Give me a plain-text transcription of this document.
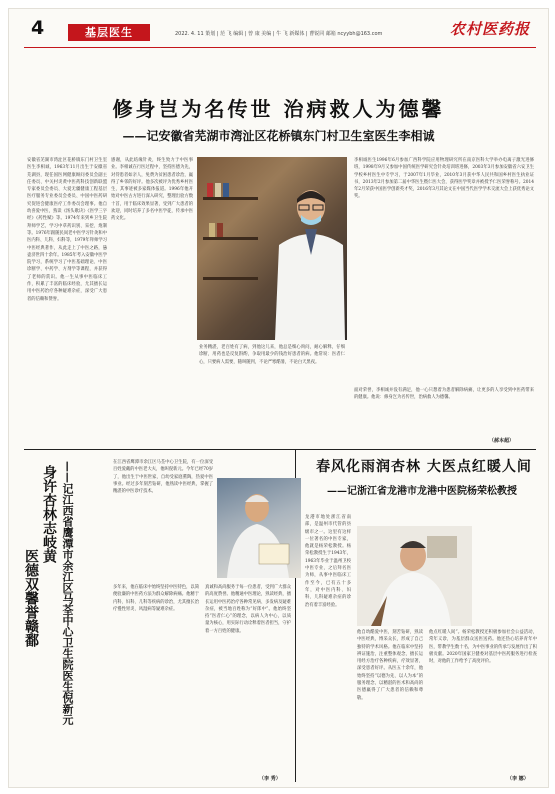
4	基层医生	2022. 4. 11 策划 | 范 飞 编辑 | 曾 康 美编 | 牛 飞 新媒体 | 曹锐同 邮箱 ncyybh@163.com	农村医药报
修身岂为名传世 治病救人为德馨
——记安徽省芜湖市湾沚区花桥镇东门村卫生室医生李相诚
安徽省芜湖市湾沚区花桥镇东门村卫生室医生李相诚，1963年11月出生于安徽省芜湖县，现任国医网健康顾问委员会副主任委员、中关村炎黄中医药科技创新联盟专家委员会委员、大爱无疆健康工程基层医疗服务专业委员会委员、中国中医药研究促进会健康医疗工作委员会理事。他自幼喜爱中医，熟读《汤头歌诀》《医学三字经》《药性赋》等。1974年来到乡卫生院拜师学艺，学习中草药识别、采挖、炮制等。1976年跟随民间老中医学习针灸和中医内科、儿科、妇科等，1979年拜师学习中医经典著作，从此走上了中医之路，悬壶济世四十余年。1985年考入安徽中医学院学习，系统学习了中医基础理论、中医诊断学、中药学、方剂学等课程，并获得了老师的赏识。他一生从事中医临床工作，积累了丰富的临床经验，尤其擅长运用中医药治疗各种疑难杂症，深受广大患者的信赖和赞誉。
感谢，从此结缘针灸，终生致力于中医事业。李相诚在行医过程中，坚持医德为先，对待患者如亲人，免费为贫困患者诊治，赢得了乡邻的好评。他多次被评为优秀乡村医生，其事迹被多家媒体报道。1996年他开始对中医古方进行深入研究，整理出验方数十首，用于临床效果显著，受到广大患者的欢迎，同时培养了多名中医学徒，传承中医药文化。
业务精湛，老百姓有了病，到他这儿来，他总是细心询问，耐心解释，仔细诊断，用药也是反复斟酌，争取用最少的钱治好患者的病。他常说：医者仁心，只要病人需要，随叫随到，不论严寒酷暑，不论白天黑夜。
李相诚医生1996年6月参加广西科学院应用物理研究所在南京医科大学举办电离子激光进修班，1998年9月又参加中国传统医学研究会针灸培训班进修，2003年3月参加安徽省六安卫生学校乡村医生中专学习，于2007年1月毕业，2010年3月获中华人民共和国乡村医生执业证书，2013年2月参加第二届中华医生暨仁医大会，获得医学奖章并被授予仁医荣誉称号。2014年2月荣获中国医学创新英才奖，2016年3月其论文在中国当代医学学术交流大会上获优秀论文奖。
面对荣誉，李相诚并没有满足，他一心只想着为患者解除病痛，让更多的人享受到中医药带来的健康。他说：修身岂为名传世，治病救人为德馨。
（郝本超）
身许杏林志岐黄
医德双馨誉赣鄱 ——记江西省鹰潭市余江区马荃中心卫生院医生倪新元	在江西省鹰潭市余江区马荃中心卫生院，有一位深受百姓爱戴的中医老大夫，他叫倪新元。今年已经70岁了，他出生于中医世家，自幼受家庭熏陶，热爱中医事业。经过多年刻苦钻研，他熟读中医经典，掌握了精湛的中医诊疗技术。
多年来，他在临床中始终坚持中医特色，以简便验廉的中医药方法为群众解除病痛。他精于内科、妇科、儿科等疾病的诊治，尤其擅长治疗慢性胃炎、风湿病等疑难杂症。
真诚和高尚服务于每一位患者，受到广大群众的高度赞誉。他精通中医理论，熟读经典，擅长运用中医药治疗各种常见病、多发病及疑难杂症，被当地百姓称为“好郎中”。他始终坚持“医者仁心”的理念，以病人为中心，以质量为核心，用实际行动诠释着医者担当，守护着一方百姓的健康。
（李 秀）
春风化雨润杏林 大医点红暖人间
——记浙江省龙港市龙港中医院杨荣松教授
龙港市地处浙江省南部，是温州市代管的县级市之一。这里有这样一位著名的中医专家，他就是杨荣松教授。杨荣松教授生于1943年，1963年毕业于温州卫校中医专业，之后拜名医为师，从事中医临床工作至今，已有五十多年，对中医内科、妇科、儿科疑难杂症的诊治有着丰富经验。
他自幼酷爱中医，刻苦钻研，熟读中医经典，博采众长，形成了自己独特的学术风格。他在临床中坚持辨证施治，注重整体观念，擅长运用经方治疗各种疾病，疗效显著，深受患者好评。从医五十余年，他始终坚持“以德为先、以人为本”的服务理念，以精湛的医术和高尚的医德赢得了广大患者的信赖和尊敬。
他点红暖人间”。杨荣松教授还积极参加社会公益活动，常年义诊，为基层群众送医送药。他还热心培养青年中医，带教学生数十名，为中医事业的传承与发展作出了积极贡献。2020年国家卫健委对基层中医药服务进行检查时，对他的工作给予了高度评价。
（李 娜）
